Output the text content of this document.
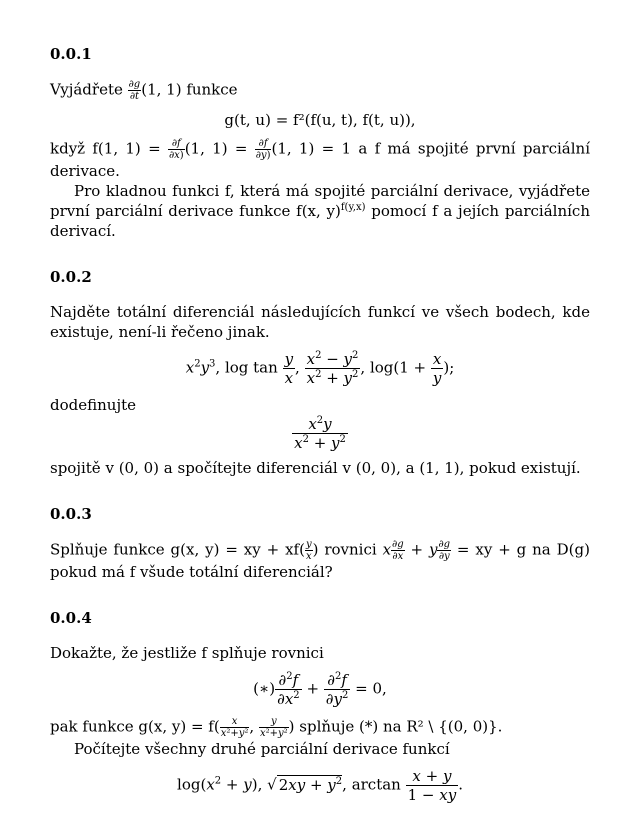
0.0.1

Vyjádřete $\frac{\partial g}{\partial t} (1$, 1) funkce

g(t, u) = f²(f(u, t), f(t, u)),

když f(1, $1) = \frac{\partial f}{\partial x)} (1$, $1) = \frac{\partial f}{\partial y)} (1$, 1) = 1 a f má spojité první parciální derivace.

Pro kladnou funkci f, která má spojité parciální derivace, vyjádřete první parciální derivace funkce f(x, y)$^{f(y,x)}$ pomocí f a jejích parciálních derivací.

0.0.2

Najděte totální diferenciál následujících funkcí ve všech bodech, kde existuje, není-li řečeno jinak.

$x^2y^3$, $\log \tan \frac{y}{x}$ , $\frac{x^2 - y^2}{x^2 + y^2}$ , $\log(1 + \frac{x}{y}$ );

dodefinujte

$\frac{x^2y}{x^2 + y^2}$

spojitě v (0, 0) a spočítejte diferenciál v (0, 0), a (1, 1), pokud existují.

0.0.3

Splňuje funkce g(x, y) = xy + $xf( \frac{y}{x}$ ) rovnici x $\frac{\partial g}{\partial x} + y \frac{\partial g}{\partial y}$ = xy + g na D(g) pokud má f všude totální diferenciál?

0.0.4

Dokažte, že jestliže f splňuje rovnici

(∗) $\frac{\partial^2f}{\partial x^2} + \frac{\partial^2f}{\partial y^2} = 0$,

pak funkce g(x, $y) = f( \frac{x}{\text{x²+y²}}$ , $\frac{y}{\text{x²+y²}}$ ) splňuje (*) na R² \ {(0, 0)}.

Počítejte všechny druhé parciální derivace funkcí

$\log(x^2 + y)$, √ $2xy + y^2$, $\arctan \frac{x + y}{1 - xy}$ .
